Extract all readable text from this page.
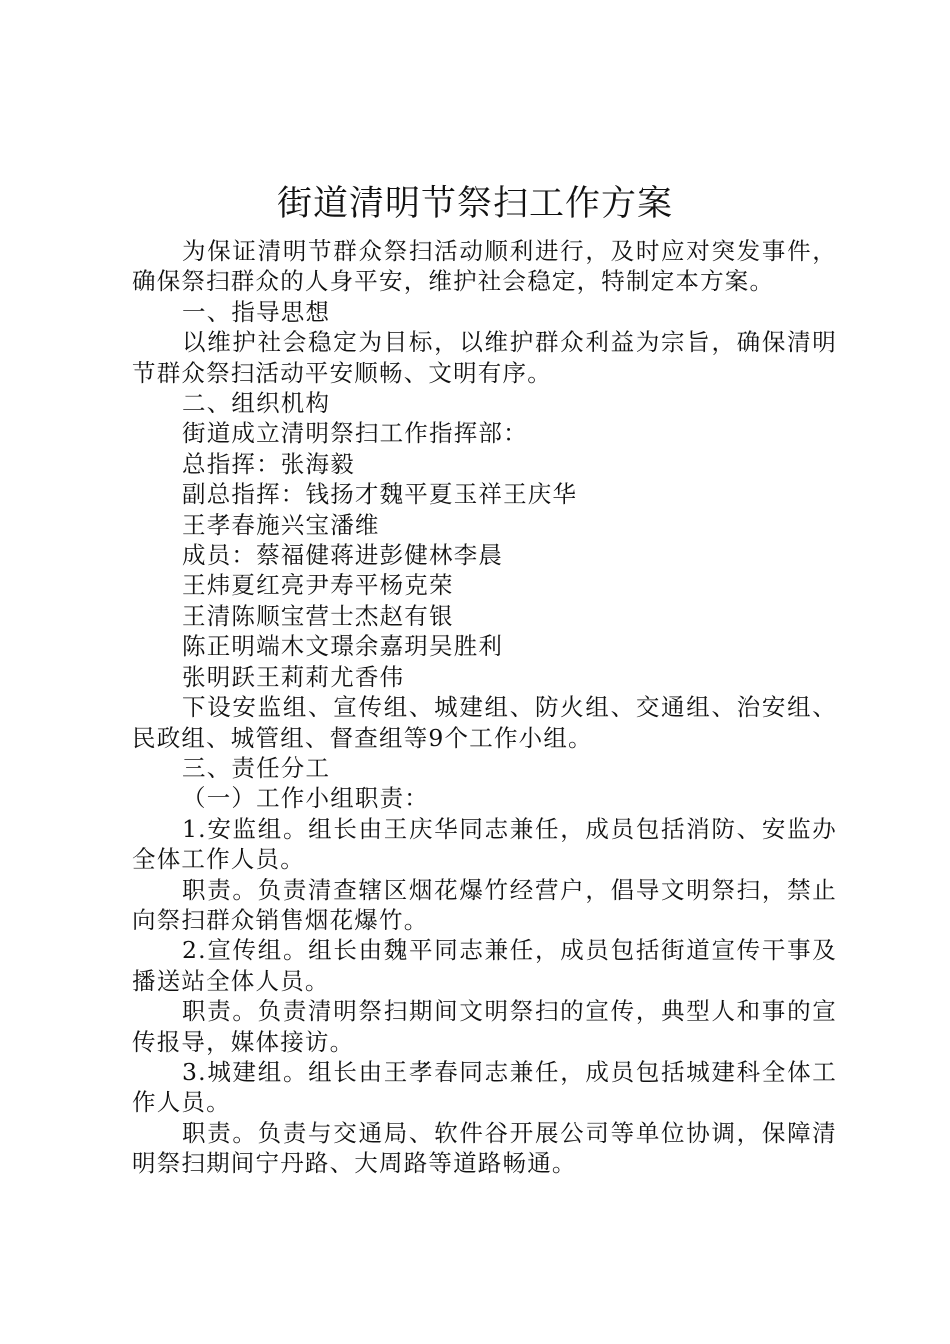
街道清明节祭扫工作方案

为保证清明节群众祭扫活动顺利进行，及时应对突发事件，确保祭扫群众的人身平安，维护社会稳定，特制定本方案。

一、指导思想

以维护社会稳定为目标，以维护群众利益为宗旨，确保清明节群众祭扫活动平安顺畅、文明有序。

二、组织机构

街道成立清明祭扫工作指挥部：

总指挥：张海毅

副总指挥：钱扬才魏平夏玉祥王庆华

王孝春施兴宝潘维

成员：蔡福健蒋进彭健林李晨

王炜夏红亮尹寿平杨克荣

王清陈顺宝营士杰赵有银

陈正明端木文璟余嘉玥吴胜利

张明跃王莉莉尤香伟

下设安监组、宣传组、城建组、防火组、交通组、治安组、民政组、城管组、督查组等9个工作小组。

三、责任分工

（一）工作小组职责：

1.安监组。组长由王庆华同志兼任，成员包括消防、安监办全体工作人员。

职责。负责清查辖区烟花爆竹经营户，倡导文明祭扫，禁止向祭扫群众销售烟花爆竹。

2.宣传组。组长由魏平同志兼任，成员包括街道宣传干事及播送站全体人员。

职责。负责清明祭扫期间文明祭扫的宣传，典型人和事的宣传报导，媒体接访。

3.城建组。组长由王孝春同志兼任，成员包括城建科全体工作人员。

职责。负责与交通局、软件谷开展公司等单位协调，保障清明祭扫期间宁丹路、大周路等道路畅通。
